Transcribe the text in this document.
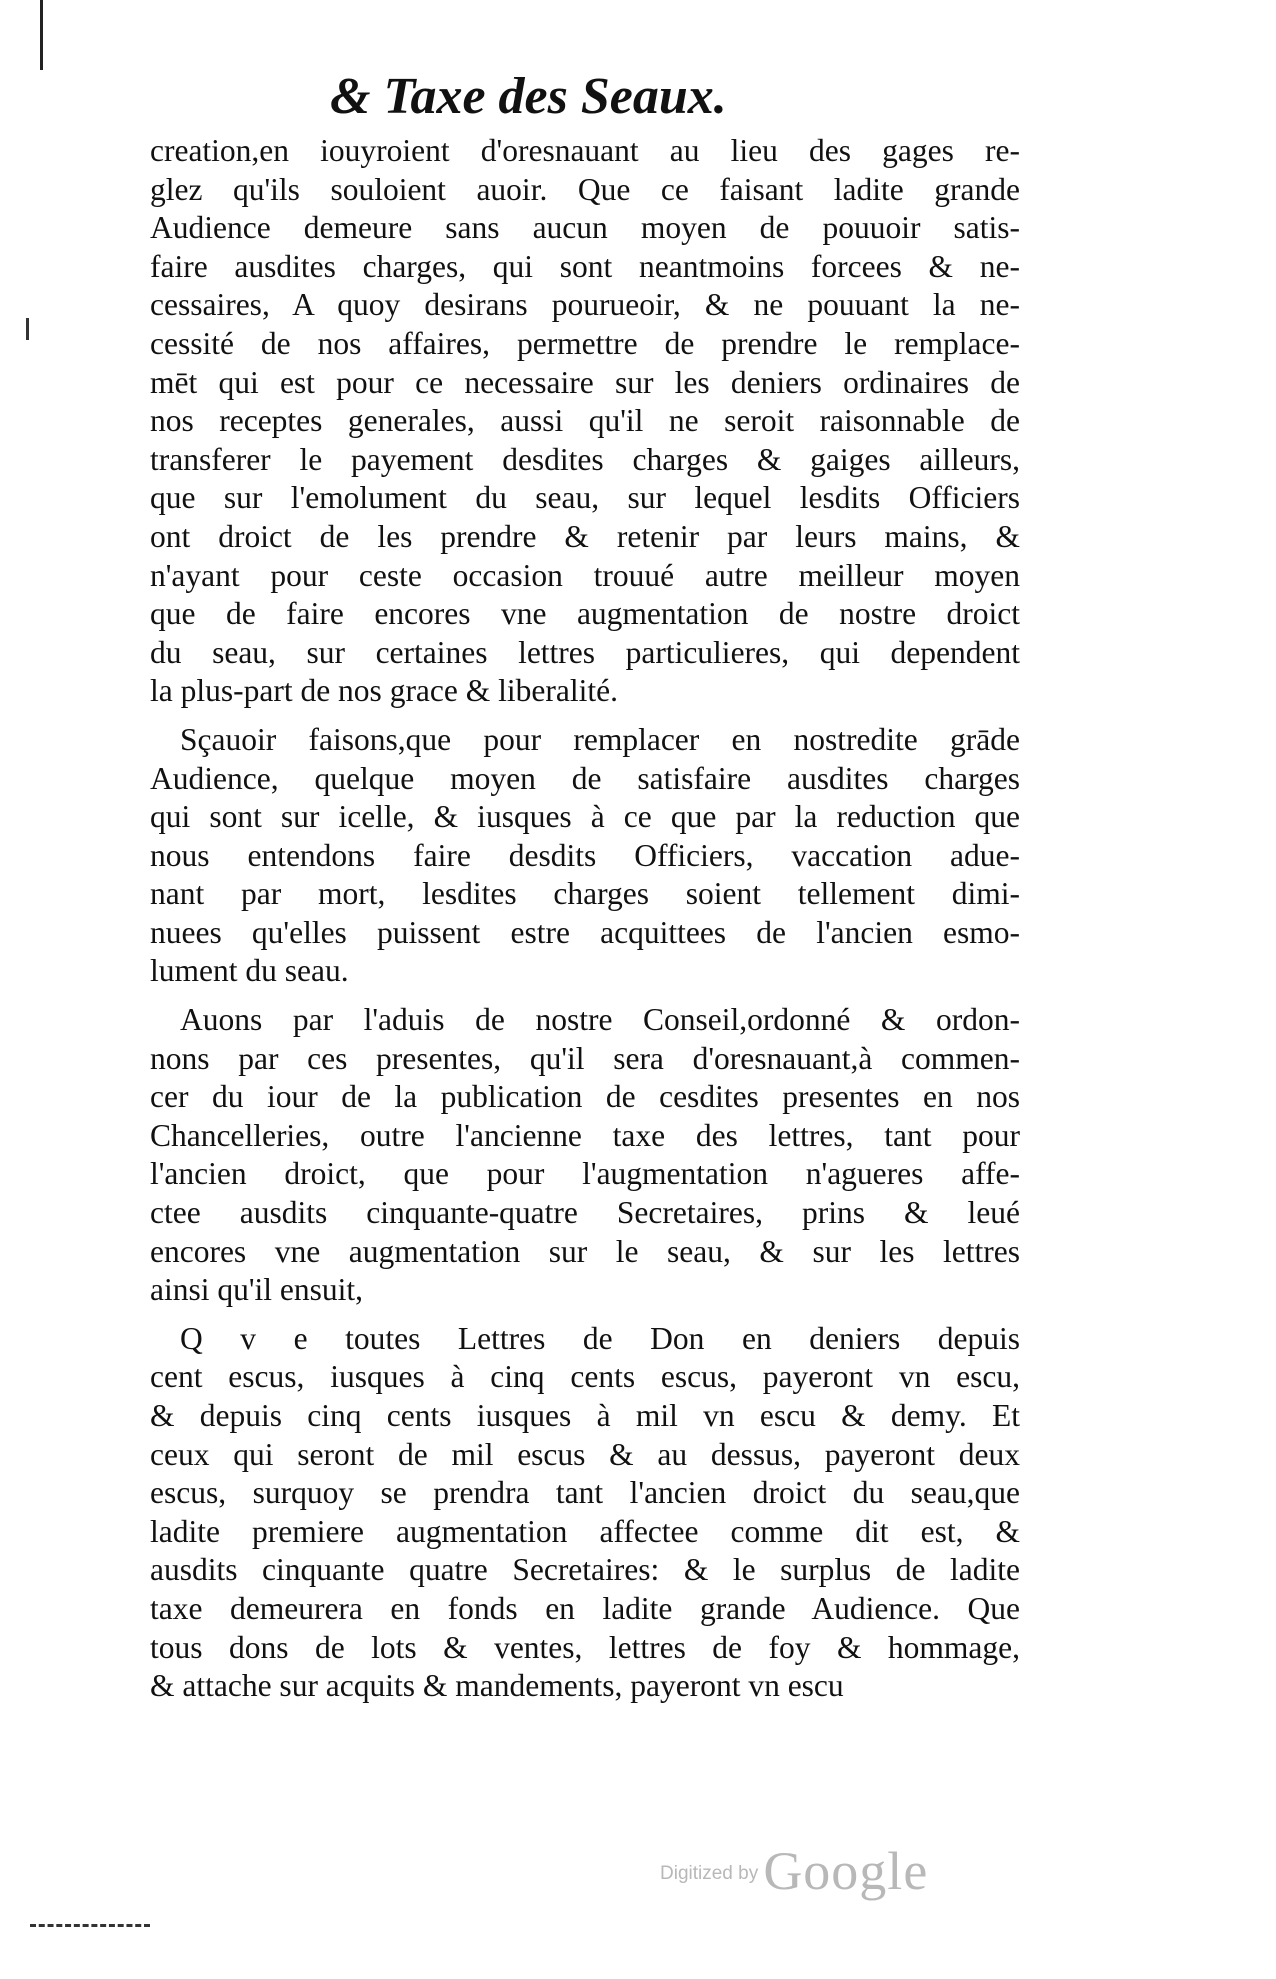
& Taxe des Seaux.
creation,en iouyroient d'oresnauant au lieu des gages re-
glez qu'ils souloient auoir. Que ce faisant ladite grande
Audience demeure sans aucun moyen de pouuoir satis-
faire ausdites charges, qui sont neantmoins forcees & ne-
cessaires, A quoy desirans pourueoir, & ne pouuant la ne-
cessité de nos affaires, permettre de prendre le remplace-
mēt qui est pour ce necessaire sur les deniers ordinaires de
nos receptes generales, aussi qu'il ne seroit raisonnable de
transferer le payement desdites charges & gaiges ailleurs,
que sur l'emolument du seau, sur lequel lesdits Officiers
ont droict de les prendre & retenir par leurs mains, &
n'ayant pour ceste occasion trouué autre meilleur moyen
que de faire encores vne augmentation de nostre droict
du seau, sur certaines lettres particulieres, qui dependent
la plus-part de nos grace & liberalité.
Sçauoir faisons,que pour remplacer en nostredite grāde
Audience, quelque moyen de satisfaire ausdites charges
qui sont sur icelle, & iusques à ce que par la reduction que
nous entendons faire desdits Officiers, vaccation adue-
nant par mort, lesdites charges soient tellement dimi-
nuees qu'elles puissent estre acquittees de l'ancien esmo-
lument du seau.
Auons par l'aduis de nostre Conseil,ordonné & ordon-
nons par ces presentes, qu'il sera d'oresnauant,à commen-
cer du iour de la publication de cesdites presentes en nos
Chancelleries, outre l'ancienne taxe des lettres, tant pour
l'ancien droict, que pour l'augmentation n'agueres affe-
ctee ausdits cinquante-quatre Secretaires, prins & leué
encores vne augmentation sur le seau, & sur les lettres
ainsi qu'il ensuit,
Q v e toutes Lettres de Don en deniers depuis
cent escus, iusques à cinq cents escus, payeront vn escu,
& depuis cinq cents iusques à mil vn escu & demy. Et
ceux qui seront de mil escus & au dessus, payeront deux
escus, surquoy se prendra tant l'ancien droict du seau,que
ladite premiere augmentation affectee comme dit est, &
ausdits cinquante quatre Secretaires: & le surplus de ladite
taxe demeurera en fonds en ladite grande Audience. Que
tous dons de lots & ventes, lettres de foy & hommage,
& attache sur acquits & mandements, payeront vn escu
Digitized by Google
